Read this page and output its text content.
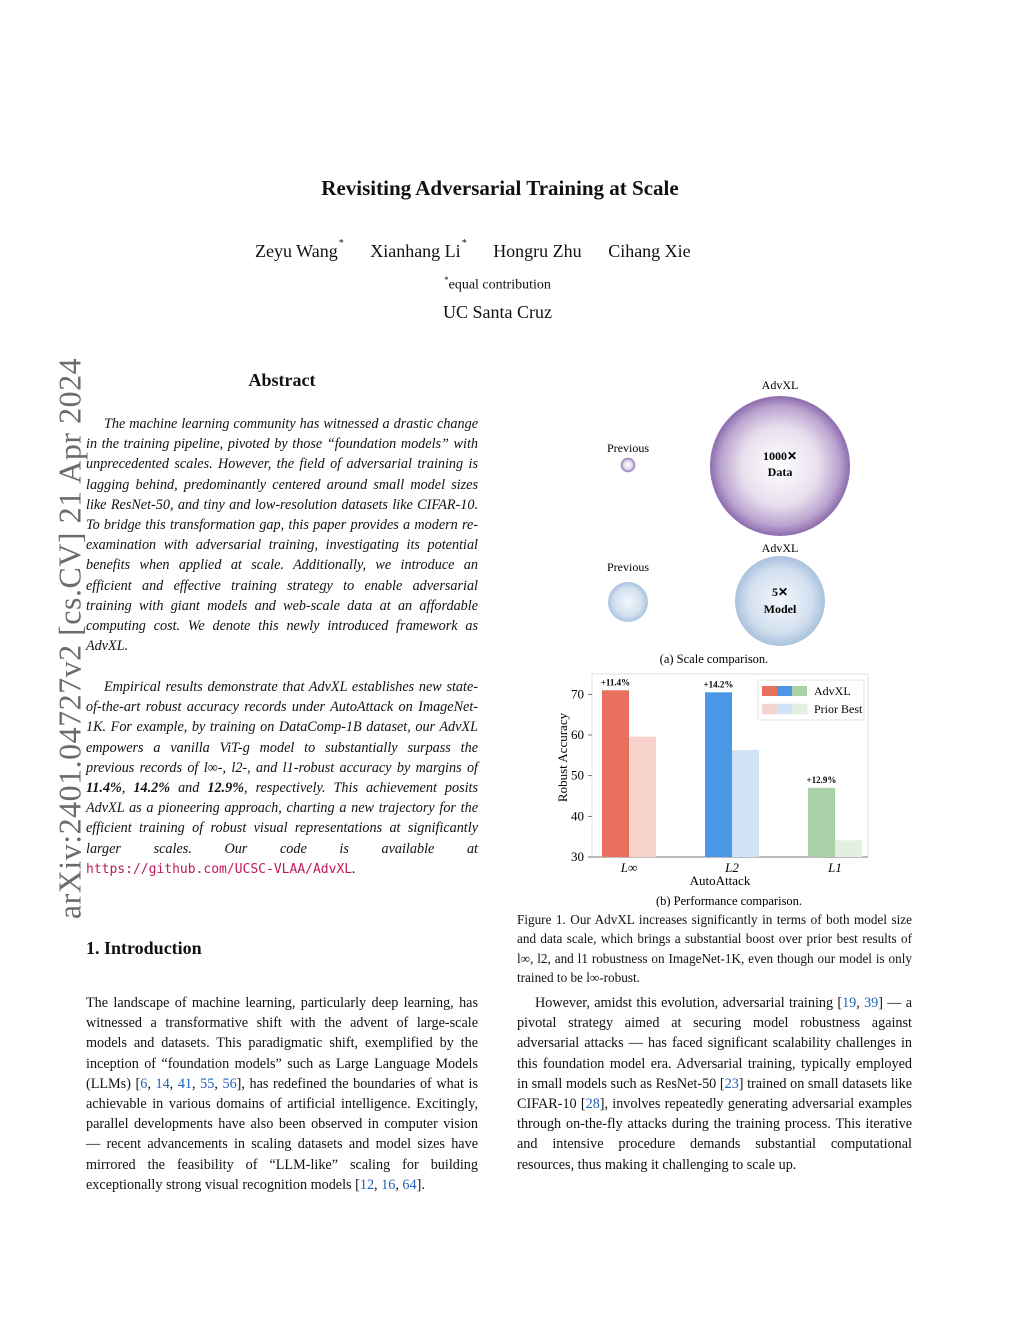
arXiv:2401.04727v2 [cs.CV] 21 Apr 2024
Revisiting Adversarial Training at Scale
Zeyu Wang* Xianhang Li* Hongru Zhu Cihang Xie
*equal contribution
UC Santa Cruz
Abstract
The machine learning community has witnessed a drastic change in the training pipeline, pivoted by those “foundation models” with unprecedented scales. However, the field of adversarial training is lagging behind, predominantly centered around small model sizes like ResNet-50, and tiny and low-resolution datasets like CIFAR-10. To bridge this transformation gap, this paper provides a modern re-examination with adversarial training, investigating its potential benefits when applied at scale. Additionally, we introduce an efficient and effective training strategy to enable adversarial training with giant models and web-scale data at an affordable computing cost. We denote this newly introduced framework as AdvXL.
Empirical results demonstrate that AdvXL establishes new state-of-the-art robust accuracy records under AutoAttack on ImageNet-1K. For example, by training on DataComp-1B dataset, our AdvXL empowers a vanilla ViT-g model to substantially surpass the previous records of l∞-, l2-, and l1-robust accuracy by margins of 11.4%, 14.2% and 12.9%, respectively. This achievement posits AdvXL as a pioneering approach, charting a new trajectory for the efficient training of robust visual representations at significantly larger scales. Our code is available at https://github.com/UCSC-VLAA/AdvXL.
1. Introduction
The landscape of machine learning, particularly deep learning, has witnessed a transformative shift with the advent of large-scale models and datasets. This paradigmatic shift, exemplified by the inception of “foundation models” such as Large Language Models (LLMs) [6, 14, 41, 55, 56], has redefined the boundaries of what is achievable in various domains of artificial intelligence. Excitingly, parallel developments have also been observed in computer vision — recent advancements in scaling datasets and model sizes have mirrored the feasibility of “LLM-like” scaling for building exceptionally strong visual recognition models [12, 16, 64].
Previous
AdvXL
1000✕
Data
Previous
AdvXL
5✕
Model
(a) Scale comparison.
30
40
50
60
70
+11.4%	+14.2%
+12.9%
L∞	L2	L1
AdvXL
Prior Best
Robust Accuracy
AutoAttack
(b) Performance comparison.
Figure 1. Our AdvXL increases significantly in terms of both model size and data scale, which brings a substantial boost over prior best results of l∞, l2, and l1 robustness on ImageNet-1K, even though our model is only trained to be l∞-robust.
However, amidst this evolution, adversarial training [19, 39] — a pivotal strategy aimed at securing model robustness against adversarial attacks — has faced significant scalability challenges in this foundation model era. Adversarial training, typically employed in small models such as ResNet-50 [23] trained on small datasets like CIFAR-10 [28], involves repeatedly generating adversarial examples through on-the-fly attacks during the training process. This iterative and intensive procedure demands substantial computational resources, thus making it challenging to scale up.
